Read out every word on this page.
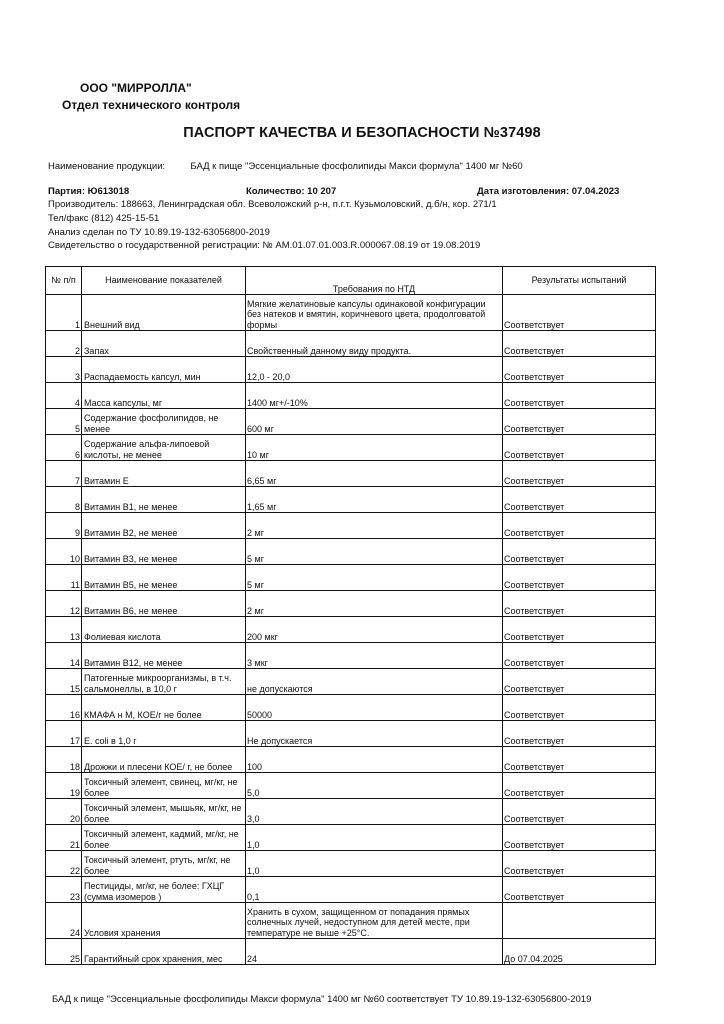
ООО "МИРРОЛЛА"
Отдел технического контроля
ПАСПОРТ КАЧЕСТВА И БЕЗОПАСНОСТИ №37498
Наименование продукции:	БАД к пище "Эссенциальные фосфолипиды Макси формула" 1400 мг №60
Партия: Ю613018	Количество: 10 207	Дата изготовления: 07.04.2023
Производитель: 188663, Ленинградская обл. Всеволожский р-н, п.г.т. Кузьмоловский, д.б/н, кор. 271/1
Тел/факс (812) 425-15-51
Анализ сделан по ТУ 10.89.19-132-63056800-2019
Свидетельство о государственной регистрации: № AM.01.07.01.003.R.000067.08.19 от 19.08.2019
№ п/п	Наименование показателей	Требования по НТД	Результаты испытаний
1	Внешний вид	Мягкие желатиновые капсулы одинаковой конфигурации без натеков и вмятин, коричневого цвета, продолговатой формы	Соответствует
2	Запах	Свойственный данному виду продукта.	Соответствует
3	Распадаемость капсул, мин	12,0 - 20,0	Соответствует
4	Масса капсулы, мг	1400 мг+/-10%	Соответствует
5	Содержание фосфолипидов, не менее	600 мг	Соответствует
6	Содержание альфа-липоевой кислоты, не менее	10 мг	Соответствует
7	Витамин Е	6,65 мг	Соответствует
8	Витамин В1, не менее	1,65 мг	Соответствует
9	Витамин В2, не менее	2 мг	Соответствует
10	Витамин В3, не менее	5 мг	Соответствует
11	Витамин В5, не менее	5 мг	Соответствует
12	Витамин В6, не менее	2 мг	Соответствует
13	Фолиевая кислота	200 мкг	Соответствует
14	Витамин В12, не менее	3 мкг	Соответствует
15	Патогенные микроорганизмы, в т.ч. сальмонеллы, в 10,0 г	не допускаются	Соответствует
16	КМАФА н М, КОЕ/г не более	50000	Соответствует
17	E. coli в 1,0 г	Не допускается	Соответствует
18	Дрожжи и плесени КОЕ/ г, не более	100	Соответствует
19	Токсичный элемент, свинец, мг/кг, не более	5,0	Соответствует
20	Токсичный элемент, мышьяк, мг/кг, не более	3,0	Соответствует
21	Токсичный элемент, кадмий, мг/кг, не более	1,0	Соответствует
22	Токсичный элемент, ртуть, мг/кг, не более	1,0	Соответствует
23	Пестициды, мг/кг, не более: ГХЦГ (сумма изомеров )	0,1	Соответствует
24	Условия хранения	Хранить в сухом, защищенном от попадания прямых солнечных лучей, недоступном для детей месте, при температуре не выше +25°С.	
25	Гарантийный срок хранения, мес	24	До 07.04.2025
БАД к пище "Эссенциальные фосфолипиды Макси формула" 1400 мг №60 соответствует ТУ 10.89.19-132-63056800-2019
